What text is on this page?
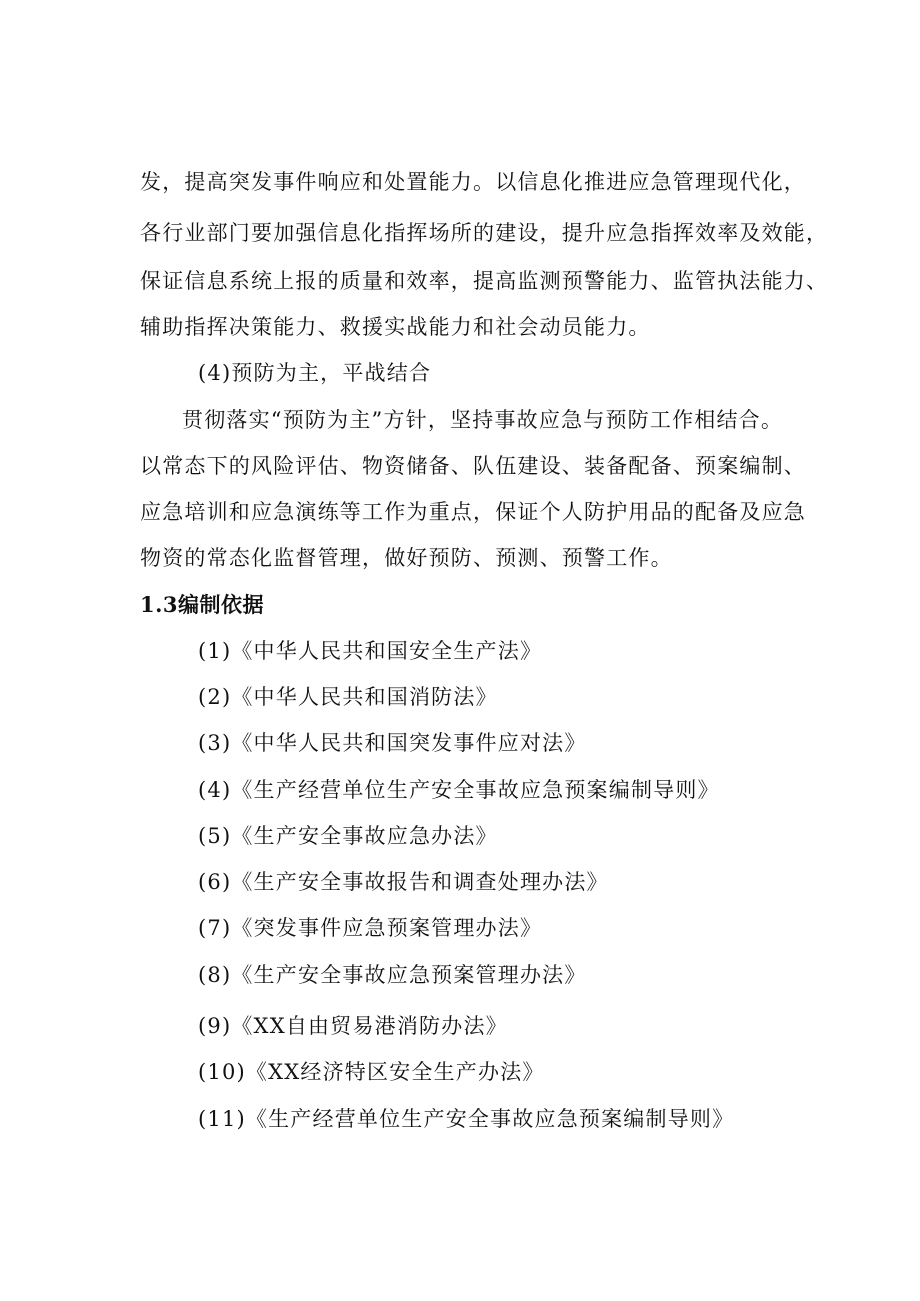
发，提高突发事件响应和处置能力。以信息化推进应急管理现代化，
各行业部门要加强信息化指挥场所的建设，提升应急指挥效率及效能，
保证信息系统上报的质量和效率，提高监测预警能力、监管执法能力、
辅助指挥决策能力、救援实战能力和社会动员能力。
(4)预防为主，平战结合
贯彻落实“预防为主”方针，坚持事故应急与预防工作相结合。
以常态下的风险评估、物资储备、队伍建设、装备配备、预案编制、
应急培训和应急演练等工作为重点，保证个人防护用品的配备及应急
物资的常态化监督管理，做好预防、预测、预警工作。
1.3编制依据
(1)《中华人民共和国安全生产法》
(2)《中华人民共和国消防法》
(3)《中华人民共和国突发事件应对法》
(4)《生产经营单位生产安全事故应急预案编制导则》
(5)《生产安全事故应急办法》
(6)《生产安全事故报告和调查处理办法》
(7)《突发事件应急预案管理办法》
(8)《生产安全事故应急预案管理办法》
(9)《XX自由贸易港消防办法》
(10)《XX经济特区安全生产办法》
(11)《生产经营单位生产安全事故应急预案编制导则》
